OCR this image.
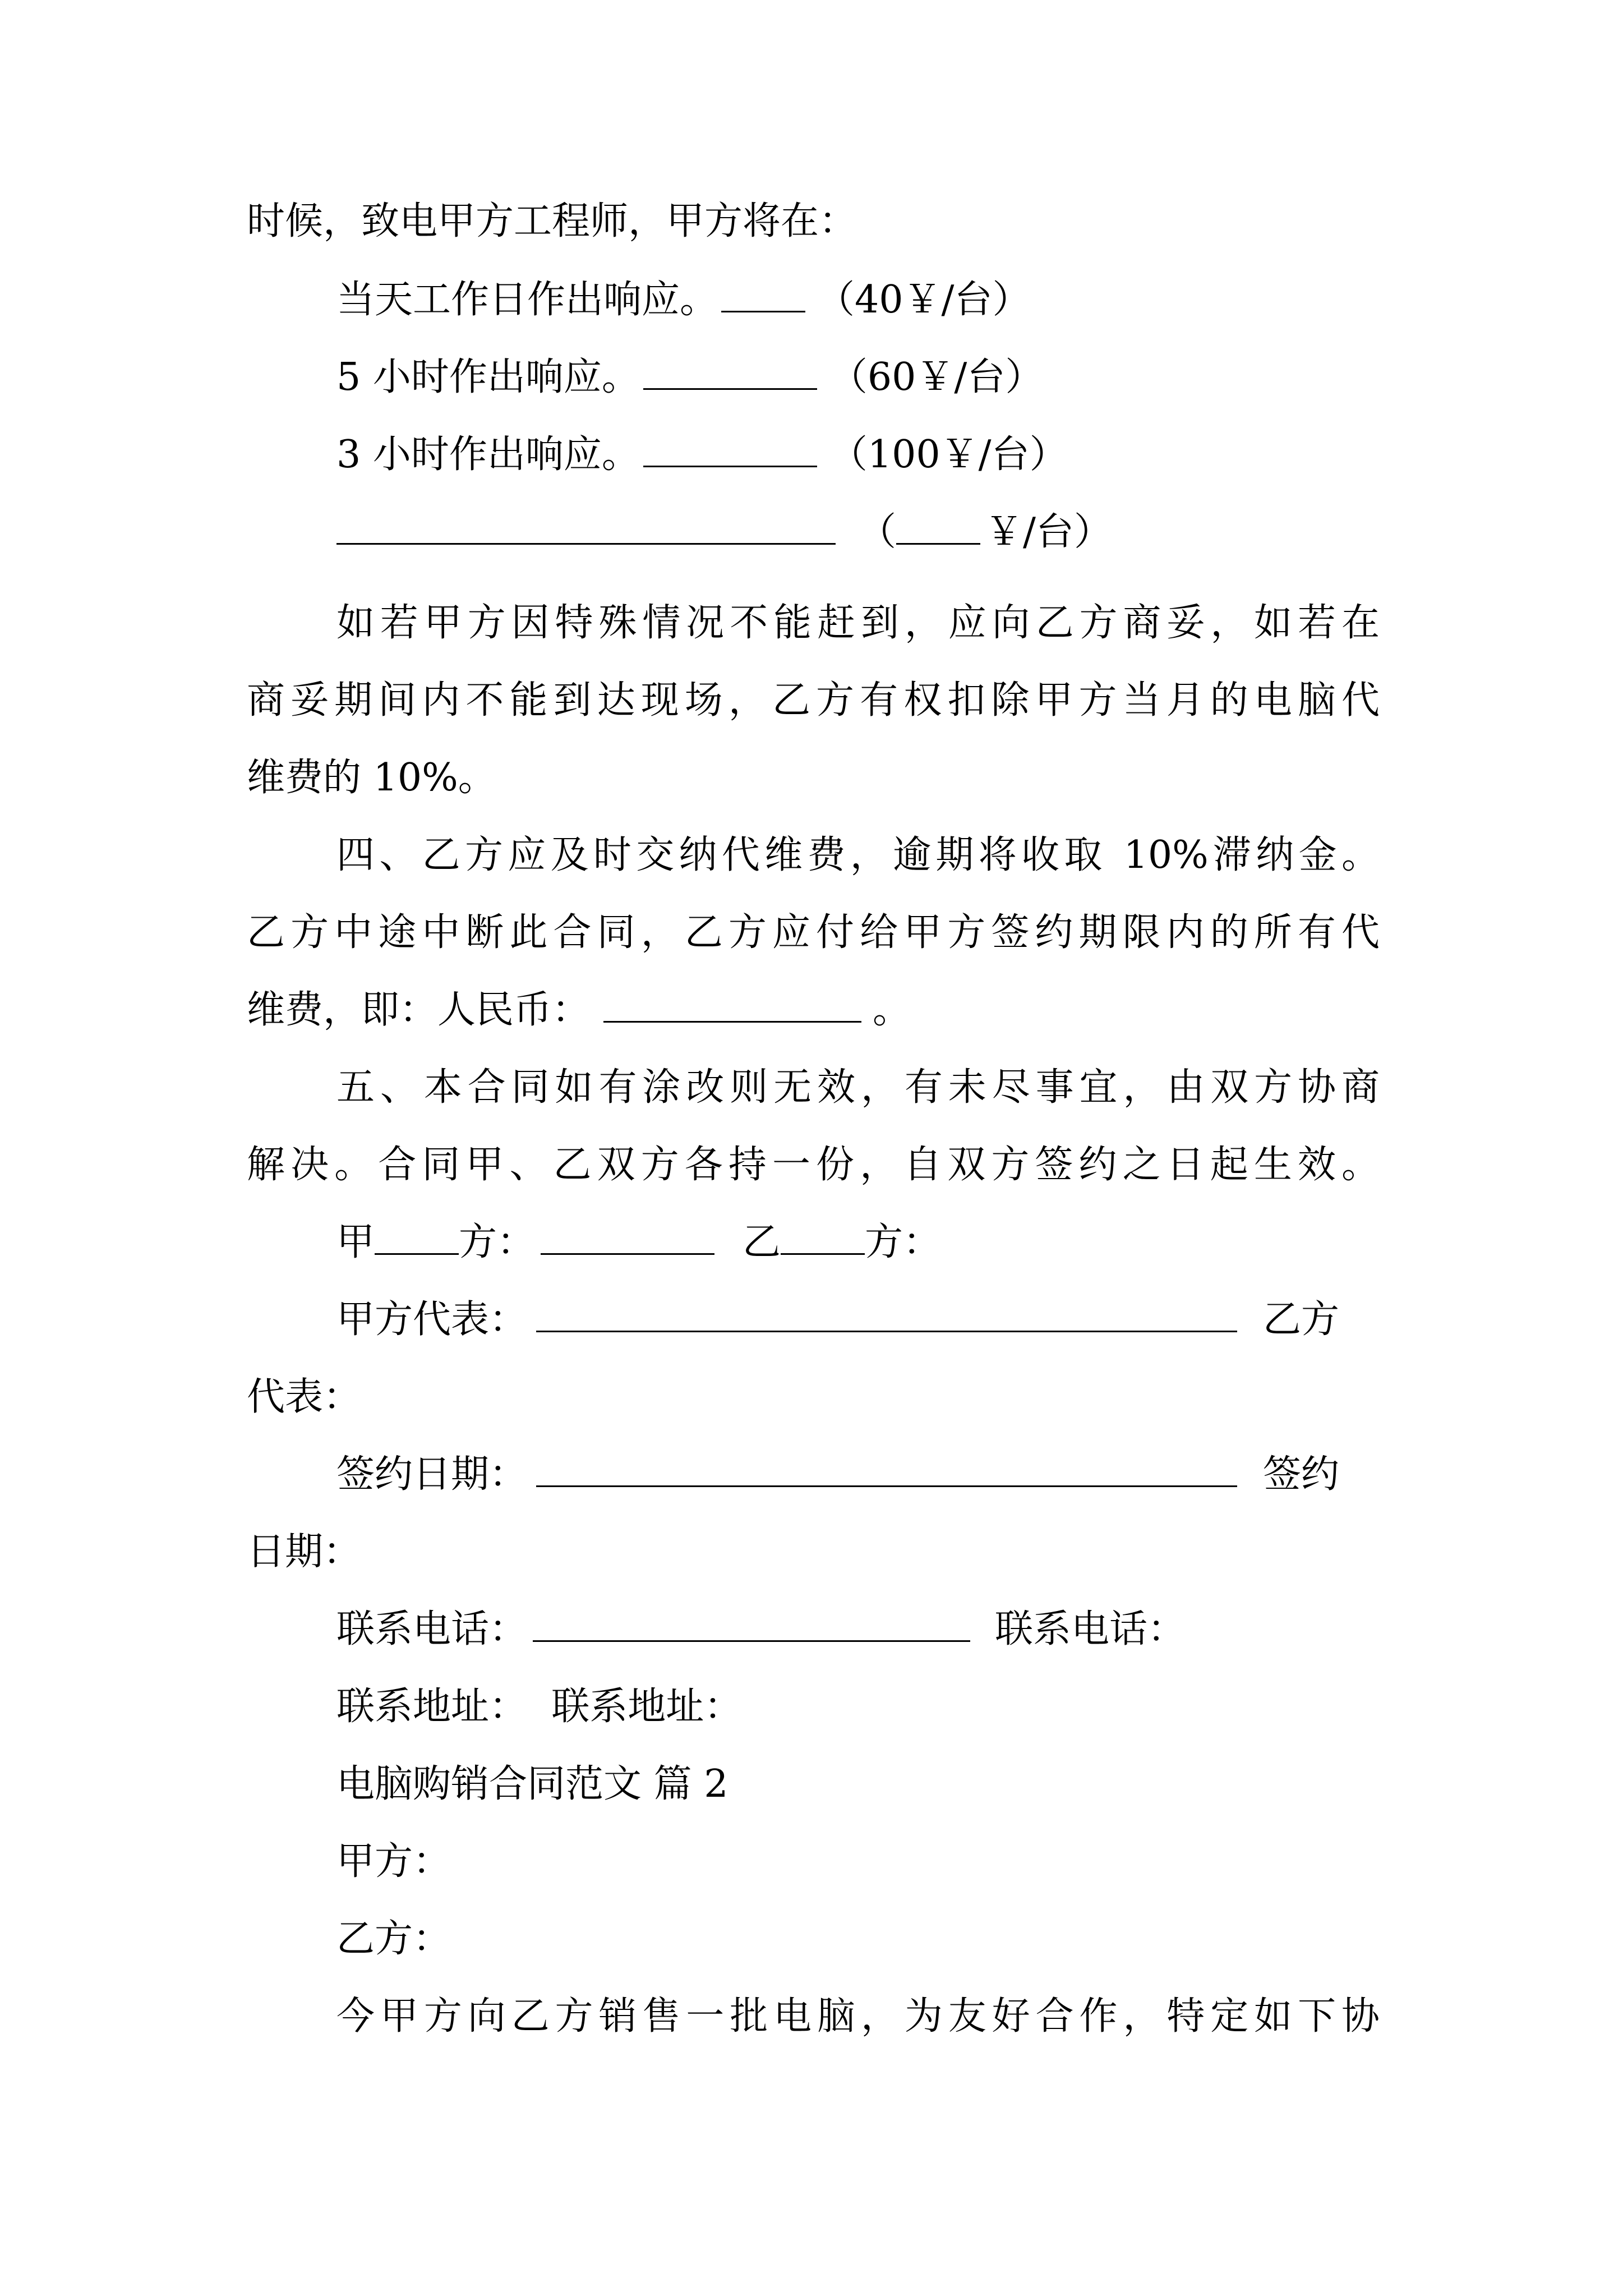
时候，致电甲方工程师，甲方将在：
当天工作日作出响应。	（40￥/台）
5 小时作出响应。	（60￥/台）
3 小时作出响应。	（100￥/台）
（ ￥/台）
如若甲方因特殊情况不能赶到，应向乙方商妥，如若在
商妥期间内不能到达现场，乙方有权扣除甲方当月的电脑代
维费的 10%。
四、乙方应及时交纳代维费，逾期将收取 10%滞纳金。
乙方中途中断此合同，乙方应付给甲方签约期限内的所有代
维费，即：人民币：	。
五、本合同如有涂改则无效，有未尽事宜，由双方协商
解决。合同甲、乙双方各持一份，自双方签约之日起生效。
甲 方：	乙 方：
甲方代表：	乙方
代表：
签约日期：	签约
日期：
联系电话：	联系电话：
联系地址：  联系地址：
电脑购销合同范文 篇 2
甲方：
乙方：
今甲方向乙方销售一批电脑，为友好合作，特定如下协
